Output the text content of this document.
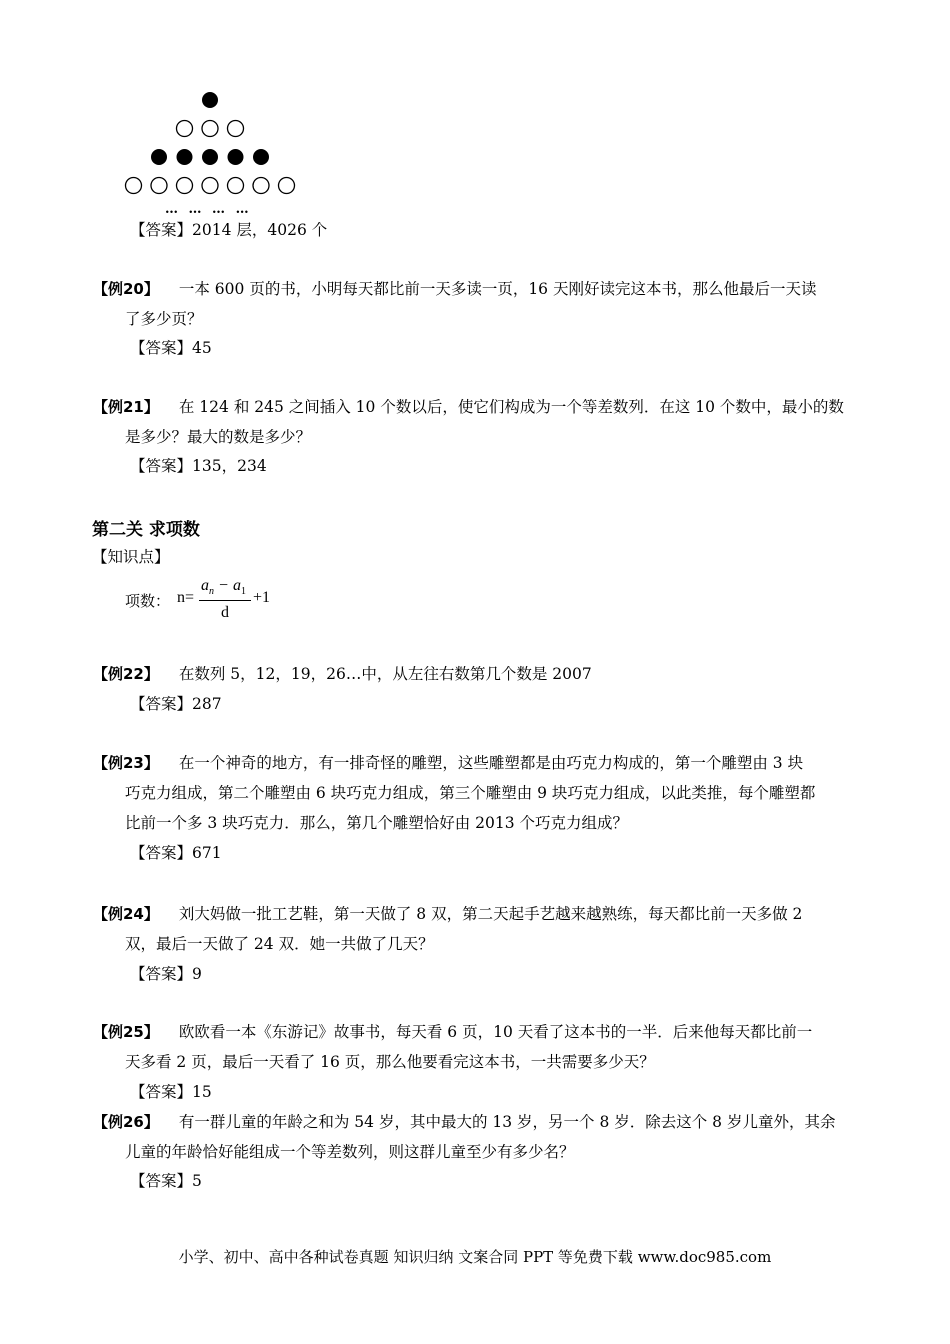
… … … …
【答案】2014 层，4026 个
【例20】 一本 600 页的书，小明每天都比前一天多读一页，16 天刚好读完这本书，那么他最后一天读
了多少页？
【答案】45
【例21】 在 124 和 245 之间插入 10 个数以后，使它们构成为一个等差数列．在这 10 个数中，最小的数
是多少？最大的数是多少？
【答案】135，234
第二关 求项数
【知识点】
项数： n=
$a_n - a_1$
d
+1
【例22】 在数列 5，12，19，26…中，从左往右数第几个数是 2007
【答案】287
【例23】 在一个神奇的地方，有一排奇怪的雕塑，这些雕塑都是由巧克力构成的，第一个雕塑由 3 块
巧克力组成，第二个雕塑由 6 块巧克力组成，第三个雕塑由 9 块巧克力组成，以此类推，每个雕塑都
比前一个多 3 块巧克力．那么，第几个雕塑恰好由 2013 个巧克力组成？
【答案】671
【例24】 刘大妈做一批工艺鞋，第一天做了 8 双，第二天起手艺越来越熟练，每天都比前一天多做 2
双，最后一天做了 24 双．她一共做了几天？
【答案】9
【例25】 欧欧看一本《东游记》故事书，每天看 6 页，10 天看了这本书的一半．后来他每天都比前一
天多看 2 页，最后一天看了 16 页，那么他要看完这本书，一共需要多少天？
【答案】15
【例26】 有一群儿童的年龄之和为 54 岁，其中最大的 13 岁，另一个 8 岁．除去这个 8 岁儿童外，其余
儿童的年龄恰好能组成一个等差数列，则这群儿童至少有多少名？
【答案】5
小学、初中、高中各种试卷真题 知识归纳 文案合同 PPT 等免费下载 www.doc985.com
